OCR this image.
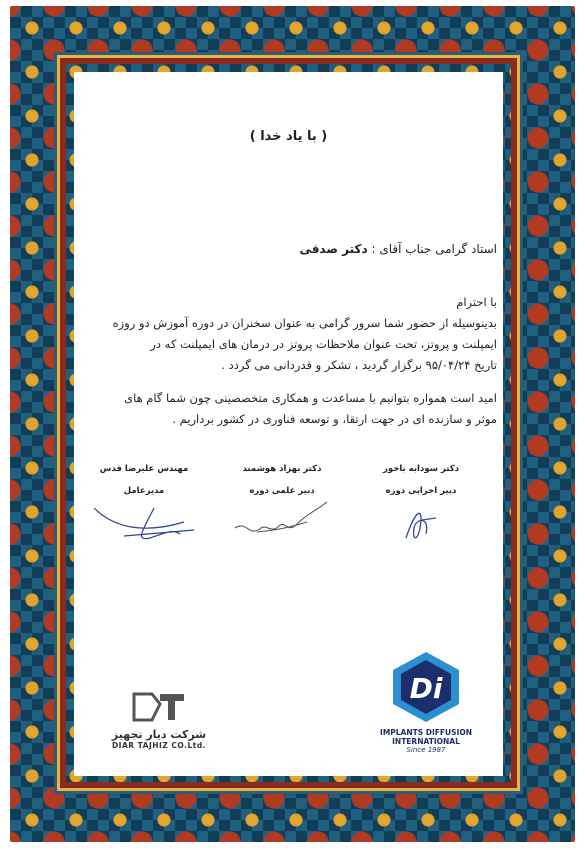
( با یاد خدا )
استاد گرامی جناب آقای : دکتر صدقی

با احترام

بدینوسیله از حضور شما سرور گرامی به عنوان سخنران در دوره آموزش دو روزه

ایمپلنت و پروتز، تحت عنوان ملاحظات پروتز در درمان های ایمپلنت که در

تاریخ ۹۵/۰۴/۲۴ برگزار گردید ، تشکر و قدردانی می گردد .

امید است همواره بتوانیم با مساعدت و همکاری متخصصینی چون شما گام های

موثر و سازنده ای در جهت ارتقا، و توسعه فناوری در کشور برداریم .

دکتر سودابه باخور
دبیر اجرایی دوره
دکتر بهزاد هوشمند
دبیر علمی دوره
مهندس علیرضا قدس
مدیرعامل
Di
IMPLANTS DIFFUSION
INTERNATIONAL
Since 1987
شرکت دیار تجهیز
DIAR TAJHIZ CO.Ltd.
